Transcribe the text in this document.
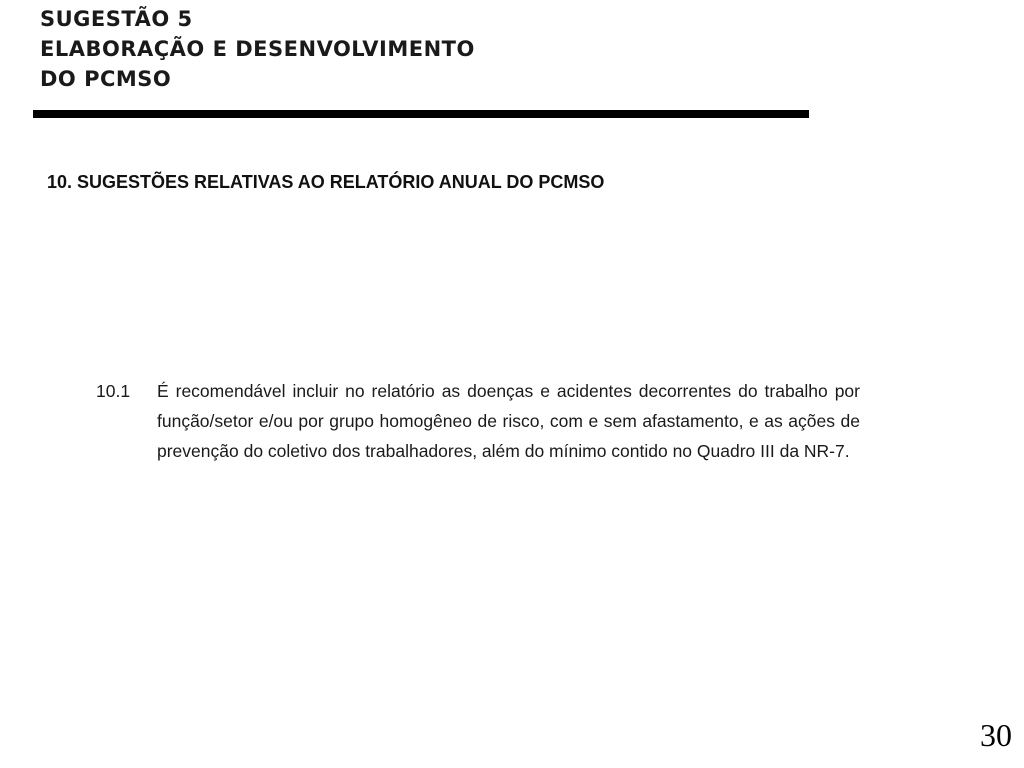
SUGESTÃO 5
ELABORAÇÃO E DESENVOLVIMENTO
DO PCMSO
10. SUGESTÕES RELATIVAS AO RELATÓRIO ANUAL DO PCMSO
10.1	É recomendável incluir no relatório as doenças e acidentes decorrentes do trabalho por função/setor e/ou por grupo homogêneo de risco, com e sem afastamento, e as ações de prevenção do coletivo dos trabalhadores, além do mínimo contido no Quadro III da NR-7.
30
